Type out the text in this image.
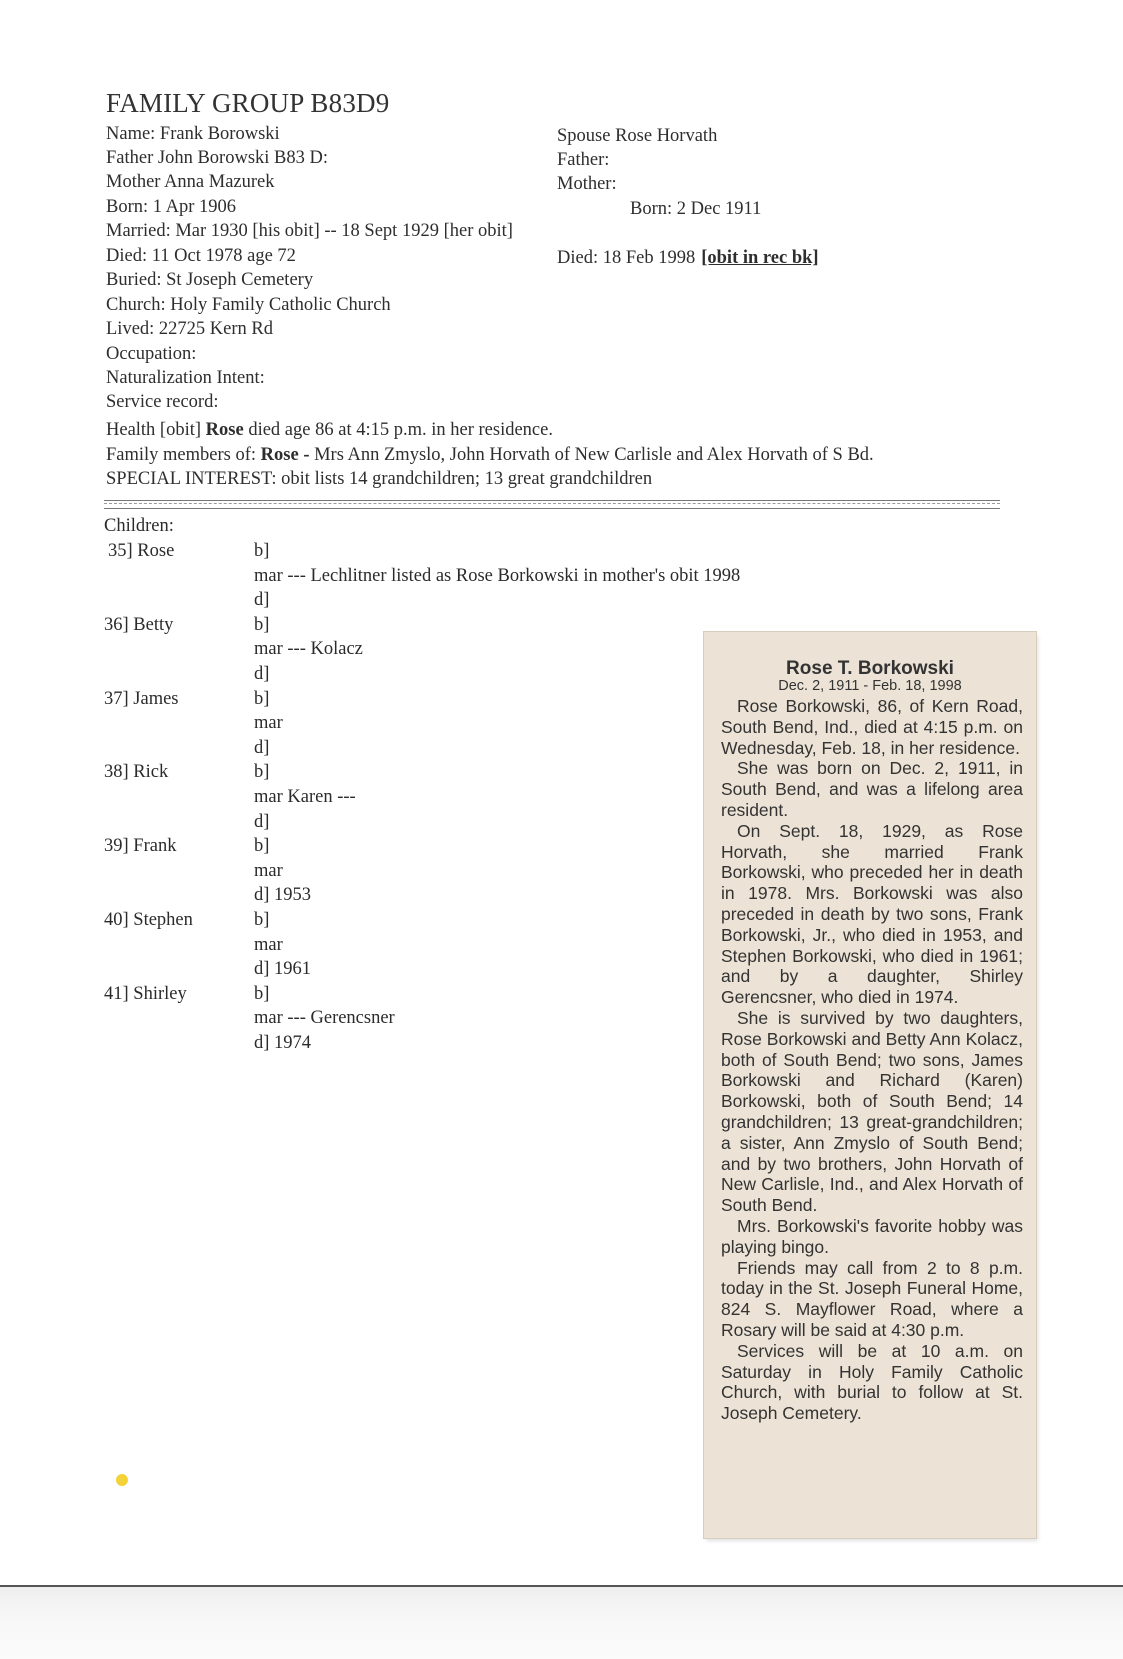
FAMILY GROUP B83D9
Name: Frank Borowski
Father John Borowski B83 D:
Mother Anna Mazurek
Born: 1 Apr 1906
Married: Mar 1930 [his obit] -- 18 Sept 1929 [her obit]
Died: 11 Oct 1978 age 72
Buried: St Joseph Cemetery
Church: Holy Family Catholic Church
Lived: 22725 Kern Rd
Occupation:
Naturalization Intent:
Service record:
Spouse Rose Horvath
Father:
Mother:
Born: 2 Dec 1911
Died: 18 Feb 1998 [obit in rec bk]
Health [obit] Rose died age 86 at 4:15 p.m. in her residence.
Family members of: Rose - Mrs Ann Zmyslo, John Horvath of New Carlisle and Alex Horvath of S Bd.
SPECIAL INTEREST: obit lists 14 grandchildren; 13 great grandchildren
Children:
35] Rose	b]
mar --- Lechlitner listed as Rose Borkowski in mother's obit 1998
d]
36] Betty	b]
mar --- Kolacz
d]
37] James	b]
mar
d]
38] Rick	b]
mar Karen ---
d]
39] Frank	b]
mar
d] 1953
40] Stephen	b]
mar
d] 1961
41] Shirley	b]
mar --- Gerencsner
d] 1974
Rose T. Borkowski
Dec. 2, 1911 - Feb. 18, 1998

Rose Borkowski, 86, of Kern Road, South Bend, Ind., died at 4:15 p.m. on Wednesday, Feb. 18, in her residence.

She was born on Dec. 2, 1911, in South Bend, and was a lifelong area resident.

On Sept. 18, 1929, as Rose Horvath, she married Frank Borkowski, who preceded her in death in 1978. Mrs. Borkowski was also preceded in death by two sons, Frank Borkowski, Jr., who died in 1953, and Stephen Borkowski, who died in 1961; and by a daughter, Shirley Gerencsner, who died in 1974.

She is survived by two daughters, Rose Borkowski and Betty Ann Kolacz, both of South Bend; two sons, James Borkowski and Richard (Karen) Borkowski, both of South Bend; 14 grandchildren; 13 great-grandchildren; a sister, Ann Zmyslo of South Bend; and by two brothers, John Horvath of New Carlisle, Ind., and Alex Horvath of South Bend.

Mrs. Borkowski's favorite hobby was playing bingo.

Friends may call from 2 to 8 p.m. today in the St. Joseph Funeral Home, 824 S. Mayflower Road, where a Rosary will be said at 4:30 p.m.

Services will be at 10 a.m. on Saturday in Holy Family Catholic Church, with burial to follow at St. Joseph Cemetery.
